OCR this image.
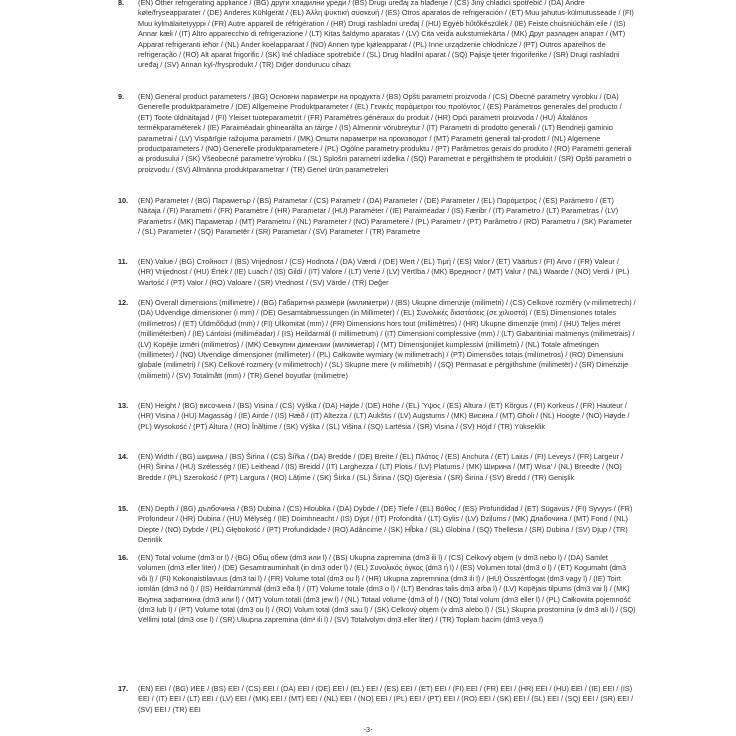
8. (EN) Other refrigerating appliance / (BG) други хладилни уреди / (BS) Drugi uređaj za hlađenje / (CS) Jiný chladicí spotřebič / (DA) Andre køle/fryseapparater / (DE) Anderes Kühlgerät / (EL) Άλλη ψυκτική συσκευή / (ES) Otros aparatos de refrigeración / (ET) Muu jahutus-külmutusseade / (FI) Muu kylmälaitetyyppi / (FR) Autre appareil de réfrigération / (HR) Drugi rashladni uređaj / (HU) Egyéb hűtőkészülék / (IE) Feiste chuisniúcháin eile / (IS) Annar kæli / (IT) Altro apparecchio di refrigerazione / (LT) Kitas šaldymo aparatas / (LV) Cita veida aukstumiekārta / (MK) Друг разладен апарат / (MT) Apparat refriġeranti ieħor / (NL) Ander koelapparaat / (NO) Annen type kjøleapparat / (PL) Inne urządzenie chłodnicze / (PT) Outros aparelhos de refrigeração / (RO) Alt aparat frigorific / (SK) Iné chladiace spotrebiče / (SL) Drug hladilni aparat / (SQ) Pajisje tjetër frigoriferike / (SR) Drugi rashladni uređaj / (SV) Annan kyl-/frysprodukt / (TR) Diğer dondurucu cihazı
9. (EN) General product parameters / (BG) Основни параметри на продукта / (BS) Opšti parametri proizvoda / (CS) Obecné parametry výrobku / (DA) Generelle produktparametre / (DE) Allgemeine Produktparameter / (EL) Γενικές παράμετροι του προϊόντος / (ES) Parámetros generales del producto / (ET) Toote üldnäitajad / (FI) Yleiset tuoteparametrit / (FR) Paramètres généraux du produit / (HR) Opći parametri proizvoda / (HU) Általános termékparaméterek / (IE) Paraiméadair ghinearálta an táirge / (IS) Almennir vörubreytur / (IT) Parametri di prodotto generali / (LT) Bendrieji gaminio parametrai / (LV) Vispārīgie ražojuma parametri / (MK) Општи параметри на производот / (MT) Parametri ġenerali tal-prodott / (NL) Algemene productparameters / (NO) Generelle produktparametere / (PL) Ogólne parametry produktu / (PT) Parâmetros gerais do produto / (RO) Parametri generali ai produsului / (SK) Všeobecné parametre výrobku / (SL) Splošni parametri izdelka / (SQ) Parametrat e përgjithshëm të produktit / (SR) Opšti parametri o proizvodu / (SV) Allmänna produktparametrar / (TR) Genel ürün parametreleri
10. (EN) Parameter / (BG) Параметър / (BS) Parametar / (CS) Parametr / (DA) Parameter / (DE) Parameter / (EL) Παράμετρος / (ES) Parámetro / (ET) Näitaja / (FI) Parametri / (FR) Paramètre / (HR) Parametar / (HU) Paraméter / (IE) Paraiméadar / (IS) Færibr / (IT) Parametro / (LT) Parametras / (LV) Parametrs / (MK) Параметар / (MT) Parametru / (NL) Parameter / (NO) Parametere / (PL) Parametr / (PT) Parâmetro / (RO) Parametru / (SK) Parameter / (SL) Parameter / (SQ) Parametër / (SR) Parametar / (SV) Parameter / (TR) Parametre
11. (EN) Value / (BG) Стойност / (BS) Vrijednost / (CS) Hodnota / (DA) Værdi / (DE) Wert / (EL) Τιμή / (ES) Valor / (ET) Väärtus / (FI) Arvo / (FR) Valeur / (HR) Vrijednost / (HU) Érték / (IE) Luach / (IS) Gildi / (IT) Valore / (LT) Vertė / (LV) Vērtība / (MK) Вредност / (MT) Valur / (NL) Waarde / (NO) Verdi / (PL) Wartość / (PT) Valor / (RO) Valoare / (SR) Vrednost / (SV) Värde / (TR) Değer
12. (EN) Overall dimensions (millimetre) / (BG) Габаритни размери (милиметри) / (BS) Ukupne dimenzije (milimetri) / (CS) Celkové rozměry (v milimetrech) / (DA) Udvendige dimensioner (i mm) / (DE) Gesamtabmessungen (in Millimeter) / (EL) Συνολικές διαστάσεις (σε χιλιοστά) / (ES) Dimensiones totales (milímetros) / (ET) Üldmõõdud (mm) / (FI) Ulkomitat (mm) / (FR) Dimensions hors tout (millimètres) / (HR) Ukupne dimenzije (mm) / (HU) Teljes méret (milliméterben) / (IE) Lántoisi (milliméadar) / (IS) Heildarmál (í millimetrum) / (IT) Dimensioni complessive (mm) / (LT) Gabaritiniai matmenys (milimetrais) / (LV) Kopējie izmēri (milimetros) / (MK) Севкупни димензии (милиметар) / (MT) Dimensjonijiet kumplessivi (millimetri) / (NL) Totale afmetingen (millimeter) / (NO) Utvendige dimensjoner (millimeter) / (PL) Całkowite wymiary (w milimetrach) / (PT) Dimensões totais (milímetros) / (RO) Dimensiuni globale (milimetri) / (SK) Celkové rozmery (v milimetroch) / (SL) Skupne mere (v milimetrih) / (SQ) Përmasat e përgjithshme (milimetër) / (SR) Dimenzije (milimetri) / (SV) Totalmått (mm) / (TR) Genel boyutlar (milimetre)
13. (EN) Height / (BG) височина / (BS) Visina / (CS) Výška / (DA) Højde / (DE) Höhe / (EL) Ύψος / (ES) Altura / (ET) Kõrgus / (FI) Korkeus / (FR) Hauteur / (HR) Visina / (HU) Magasság / (IE) Airde / (IS) Hæð / (IT) Altezza / (LT) Aukštis / (LV) Augstums / (MK) Висина / (MT) Għoli / (NL) Hoogte / (NO) Høyde / (PL) Wysokość / (PT) Altura / (RO) Înălțime / (SK) Výška / (SL) Višina / (SQ) Lartësia / (SR) Visina / (SV) Höjd / (TR) Yükseklik
14. (EN) Width / (BG) ширина / (BS) Širina / (CS) Šířka / (DA) Bredde / (DE) Breite / (EL) Πλάτος / (ES) Anchura / (ET) Laius / (FI) Leveys / (FR) Largeur / (HR) Širina / (HU) Szélesség / (IE) Leithead / (IS) Breidd / (IT) Larghezza / (LT) Plotis / (LV) Platums / (MK) Ширина / (MT) Wisa' / (NL) Breedte / (NO) Bredde / (PL) Szerokość / (PT) Largura / (RO) Lățime / (SK) Šírka / (SL) Širina / (SQ) Gjerësia / (SR) Širina / (SV) Bredd / (TR) Genişlik
15. (EN) Depth / (BG) дълбочина / (BS) Dubina / (CS) Hloubka / (DA) Dybde / (DE) Tiefe / (EL) Βάθος / (ES) Profundidad / (ET) Sügavus / (FI) Syvyys / (FR) Profondeur / (HR) Dubina / (HU) Mélység / (IE) Doimhneacht / (IS) Dýpt / (IT) Profondità / (LT) Gylis / (LV) Dziļums / (MK) Длабочина / (MT) Fond / (NL) Diepte / (NO) Dybde / (PL) Głębokość / (PT) Profundidade / (RO) Adâncime / (SK) Hĺbka / (SL) Globina / (SQ) Thellësia / (SR) Dubina / (SV) Djup / (TR) Derinlik
16. (EN) Total volume (dm3 or l) / (BG) Общ обем (dm3 или l) / (BS) Ukupna zapremina (dm3 ili l) / (CS) Celkový objem (v dm3 nebo l) / (DA) Samlet volumen (dm3 eller liter) / (DE) Gesamtrauminhalt (in dm3 oder l) / (EL) Συνολικός όγκος (dm3 ή l) / (ES) Volumen total (dm3 o l) / (ET) Kogumaht (dm3 või l) / (FI) Kokonaistilavuus (dm3 tai l) / (FR) Volume total (dm3 ou l) / (HR) Ukupna zapremnina (dm3 ili l) / (HU) Összértfogat (dm3 vagy l) / (IE) Toirt iomlán (dm3 nó l) / (IS) Heildarrúmmál (dm3 eða l) / (IT) Volume totale (dm3 o l) / (LT) Bendras talis dm3 arba l) / (LV) Kopējais tilpums (dm3 vai l) / (MK) Вкупна зафатнина (dm3 или l) / (MT) Volum totali (dm3 jew l) / (NL) Totaal volume (dm3 of l) / (NO) Total volum (dm3 eller l) / (PL) Całkowita pojemność (dm3 lub l) / (PT) Volume total (dm3 ou l) / (RO) Volum total (dm3 sau l) / (SK) Celkový objem (v dm3 alebo l) / (SL) Skupna prostornina (v dm3 ali l) / (SQ) Vëllimi total (dm3 ose l) / (SR) Ukupna zapremina (dm³ ili l) / (SV) Totalvolym dm3 eller liter) / (TR) Toplam hacim (dm3 veya l)
17. (EN) EEI / (BG) ИЕЕ / (BS) EEI / (CS) EEI / (DA) EEI / (DE) EEI / (EL) EEI / (ES) EEI / (ET) EEI / (FI) EEI / (FR) EEI / (HR) EEI / (HU) EEI / (IE) EEI / (IS) EEI / (IT) EEI / (LT) EEI / (LV) EEI / (MK) EEI / (MT) EEI / (NL) EEI / (NO) EEI / (PL) EEI / (PT) EEI / (RO) EEI / (SK) EEI / (SL) EEI / (SQ) EEI / (SR) EEI / (SV) EEI / (TR) EEI
-3-
